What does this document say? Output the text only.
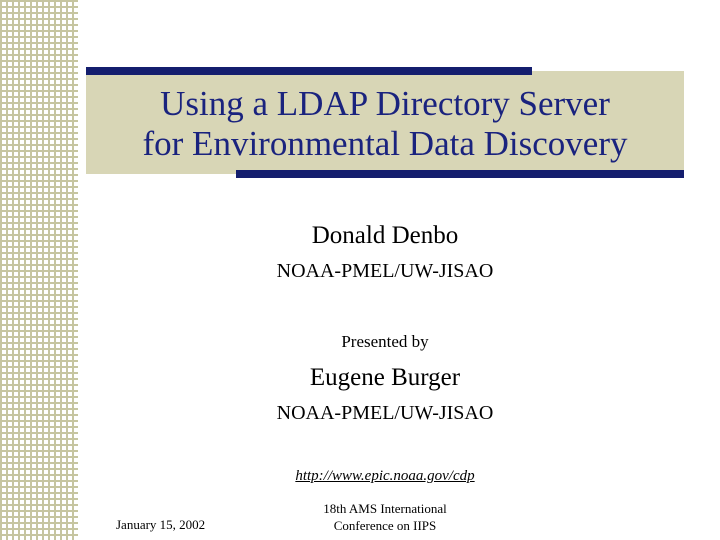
Using a LDAP Directory Server
for Environmental Data Discovery
Donald Denbo
NOAA-PMEL/UW-JISAO
Presented by
Eugene Burger
NOAA-PMEL/UW-JISAO
http://www.epic.noaa.gov/cdp
January 15, 2002
18th AMS International
Conference on IIPS
